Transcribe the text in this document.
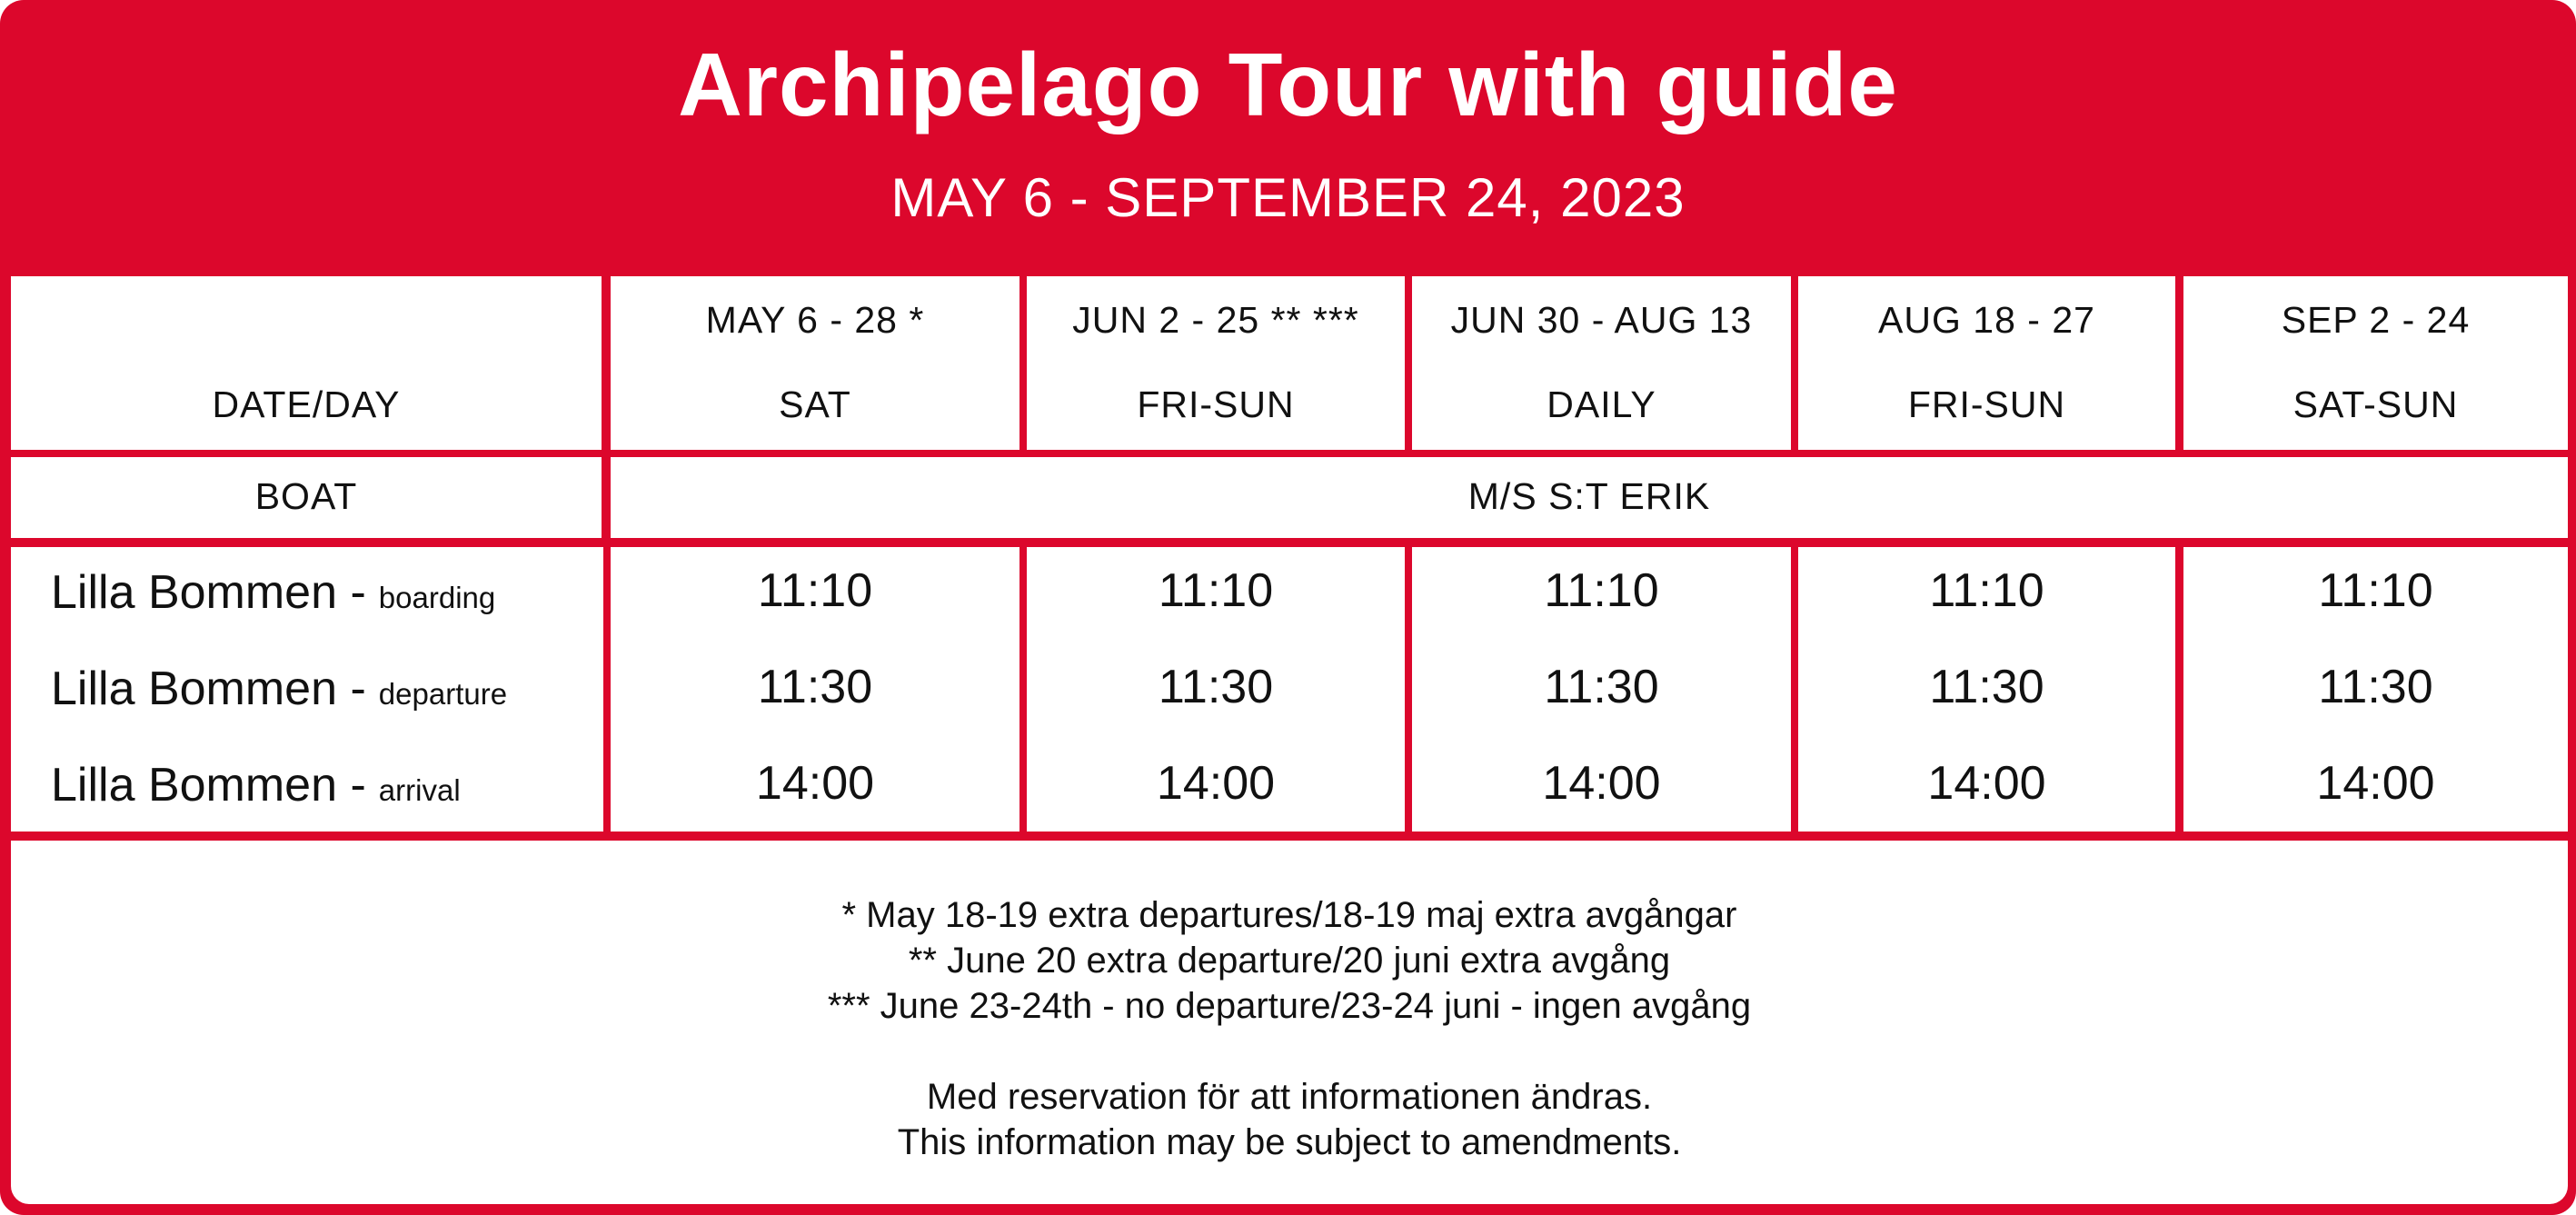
Archipelago Tour with guide
MAY 6 - SEPTEMBER 24, 2023
DATE/DAY
MAY 6 - 28 *
SAT
JUN 2 - 25 ** ***
FRI-SUN
JUN 30 - AUG 13
DAILY
AUG 18 - 27
FRI-SUN
SEP 2 - 24
SAT-SUN
BOAT	M/S S:T ERIK
Lilla Bommen - boarding
Lilla Bommen - departure
Lilla Bommen - arrival
11:10
11:30
14:00
11:10
11:30
14:00
11:10
11:30
14:00
11:10
11:30
14:00
11:10
11:30
14:00
* May 18-19 extra departures/18-19 maj extra avgångar
** June 20 extra departure/20 juni extra avgång
*** June 23-24th - no departure/23-24 juni - ingen avgång
Med reservation för att informationen ändras.
This information may be subject to amendments.
